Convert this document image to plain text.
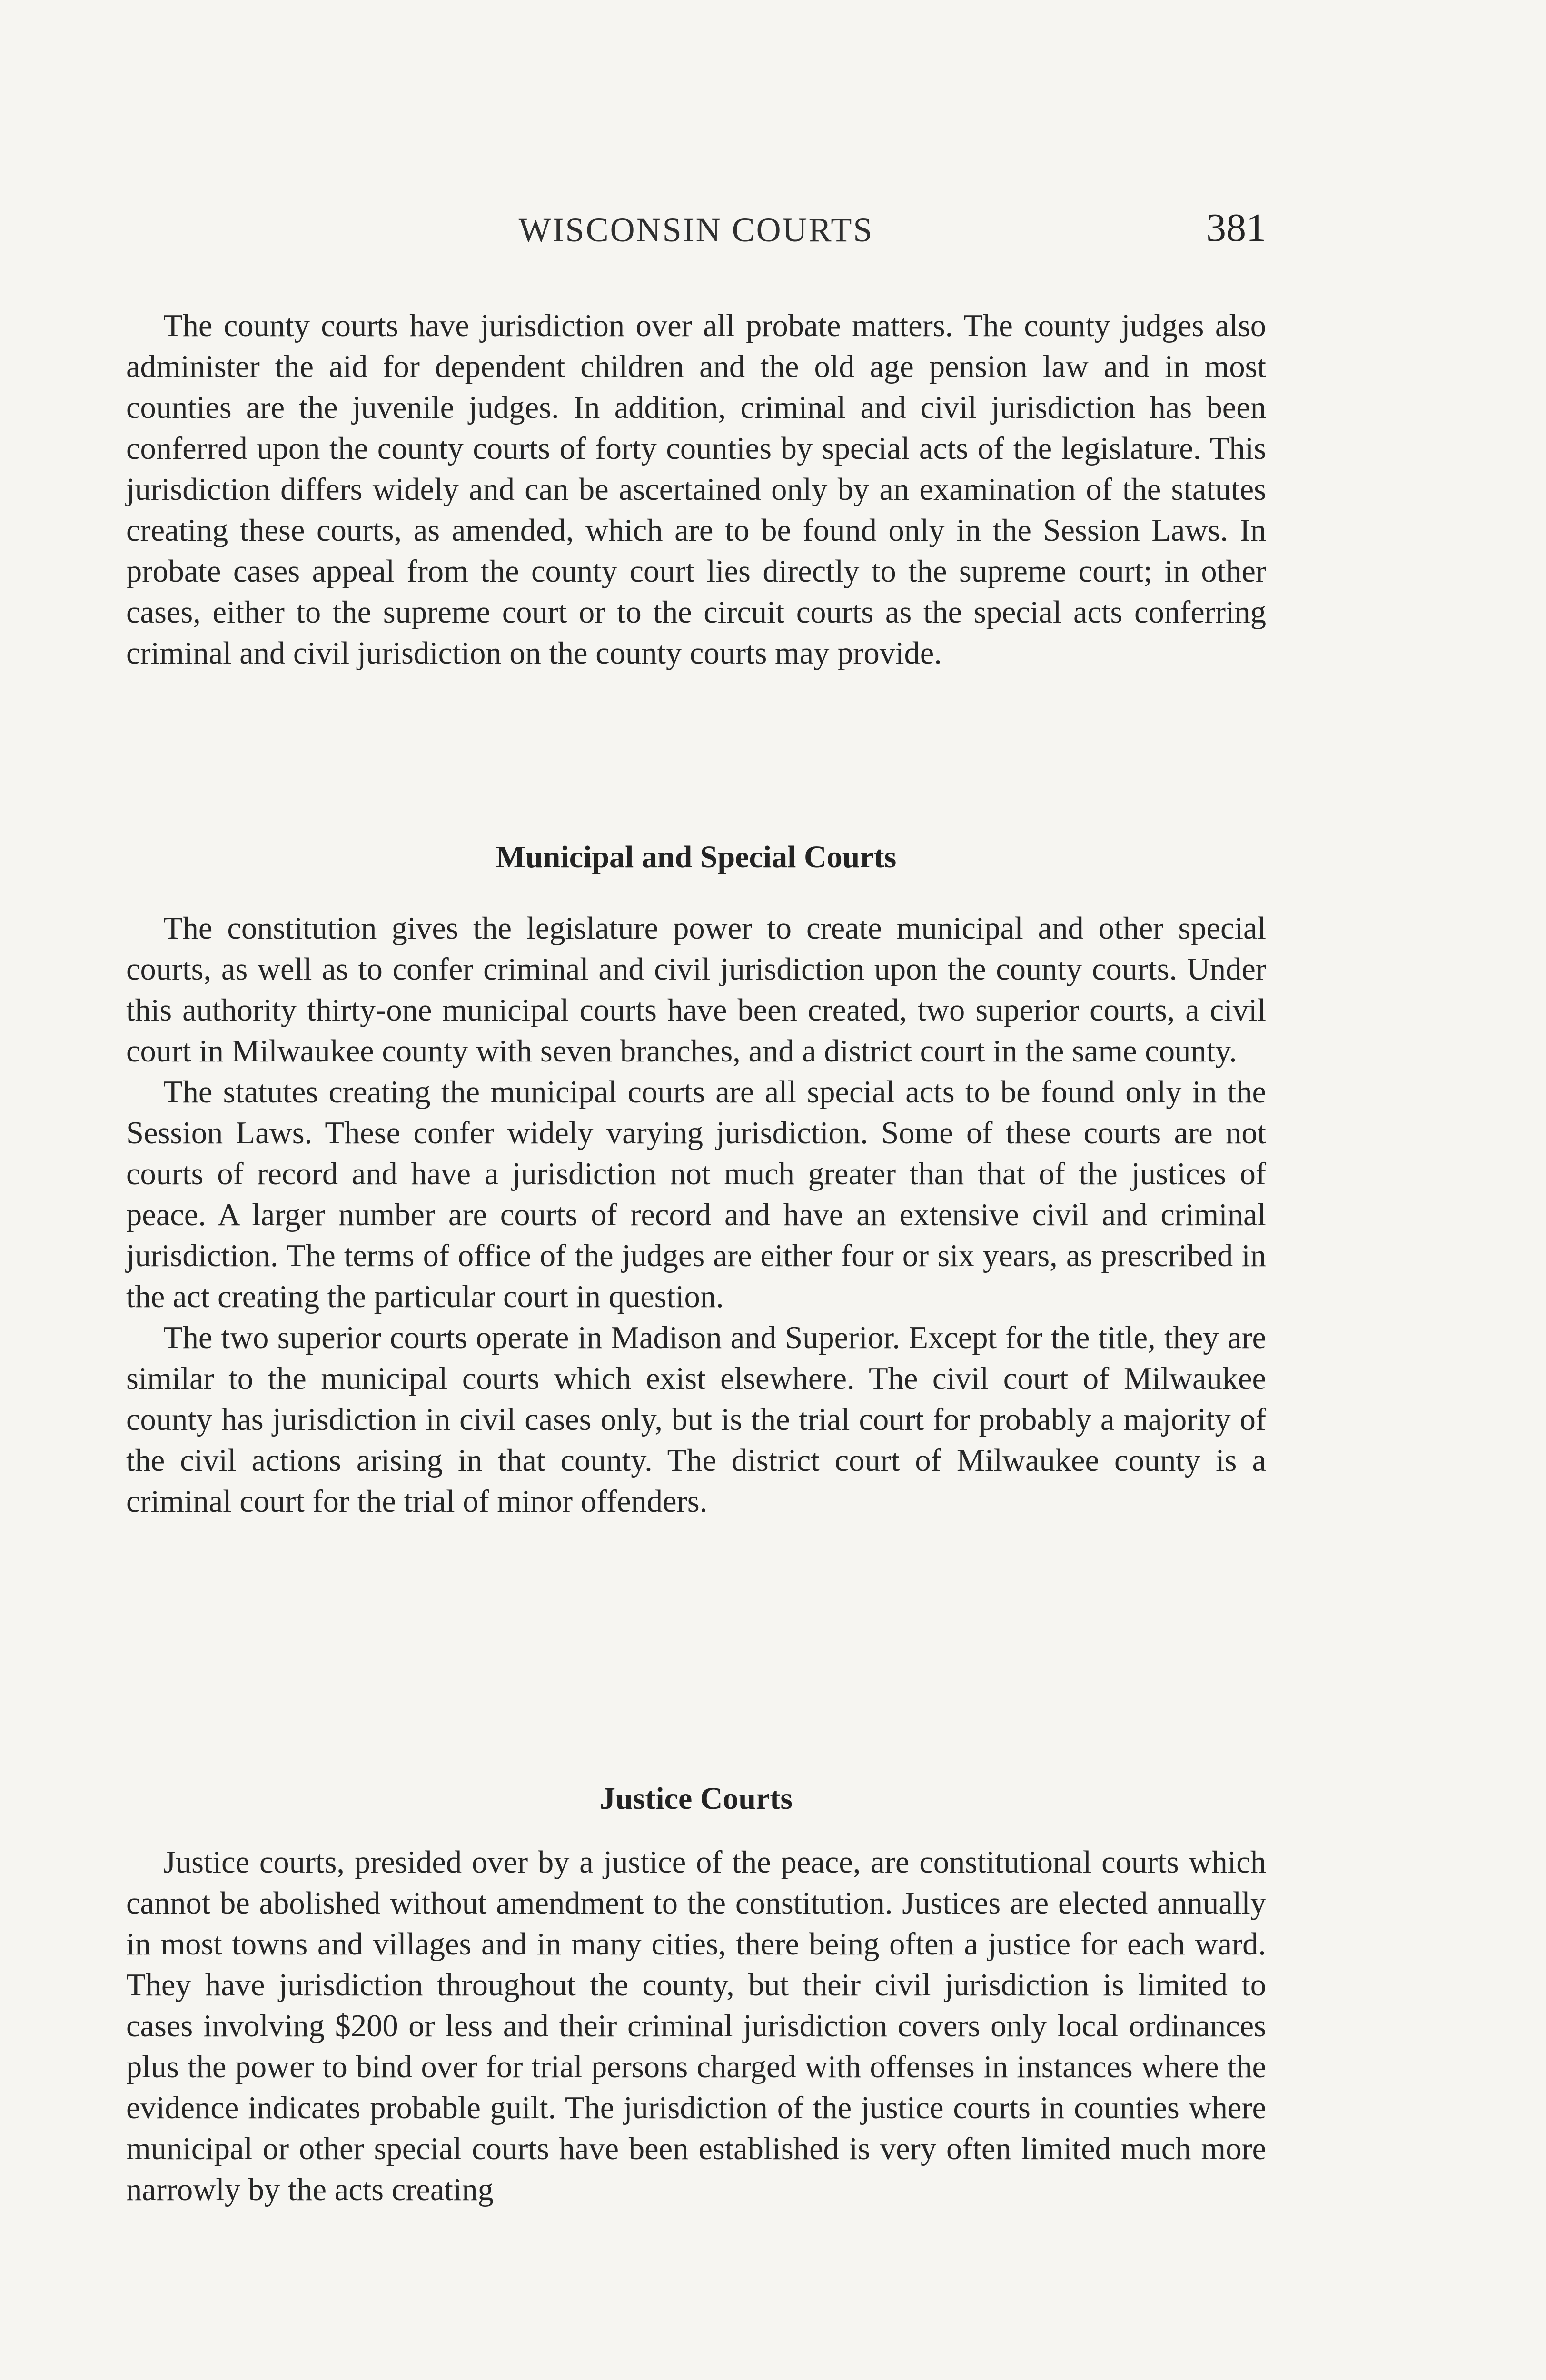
WISCONSIN COURTS	381

The county courts have jurisdiction over all probate matters. The county judges also administer the aid for dependent children and the old age pension law and in most counties are the juvenile judges. In addition, criminal and civil jurisdiction has been conferred upon the county courts of forty counties by special acts of the legislature. This jurisdiction differs widely and can be ascertained only by an examination of the statutes creating these courts, as amended, which are to be found only in the Session Laws. In probate cases appeal from the county court lies directly to the supreme court; in other cases, either to the supreme court or to the circuit courts as the special acts conferring criminal and civil jurisdiction on the county courts may provide.

Municipal and Special Courts

The constitution gives the legislature power to create municipal and other special courts, as well as to confer criminal and civil jurisdiction upon the county courts. Under this authority thirty-one municipal courts have been created, two superior courts, a civil court in Milwaukee county with seven branches, and a district court in the same county.

The statutes creating the municipal courts are all special acts to be found only in the Session Laws. These confer widely varying jurisdiction. Some of these courts are not courts of record and have a jurisdiction not much greater than that of the justices of peace. A larger number are courts of record and have an extensive civil and criminal jurisdiction. The terms of office of the judges are either four or six years, as prescribed in the act creating the particular court in question.

The two superior courts operate in Madison and Superior. Except for the title, they are similar to the municipal courts which exist elsewhere. The civil court of Milwaukee county has jurisdiction in civil cases only, but is the trial court for probably a majority of the civil actions arising in that county. The district court of Milwaukee county is a criminal court for the trial of minor offenders.

Justice Courts

Justice courts, presided over by a justice of the peace, are constitutional courts which cannot be abolished without amendment to the constitution. Justices are elected annually in most towns and villages and in many cities, there being often a justice for each ward. They have jurisdiction throughout the county, but their civil jurisdiction is limited to cases involving $200 or less and their criminal jurisdiction covers only local ordinances plus the power to bind over for trial persons charged with offenses in instances where the evidence indicates probable guilt. The jurisdiction of the justice courts in counties where municipal or other special courts have been established is very often limited much more narrowly by the acts creating
